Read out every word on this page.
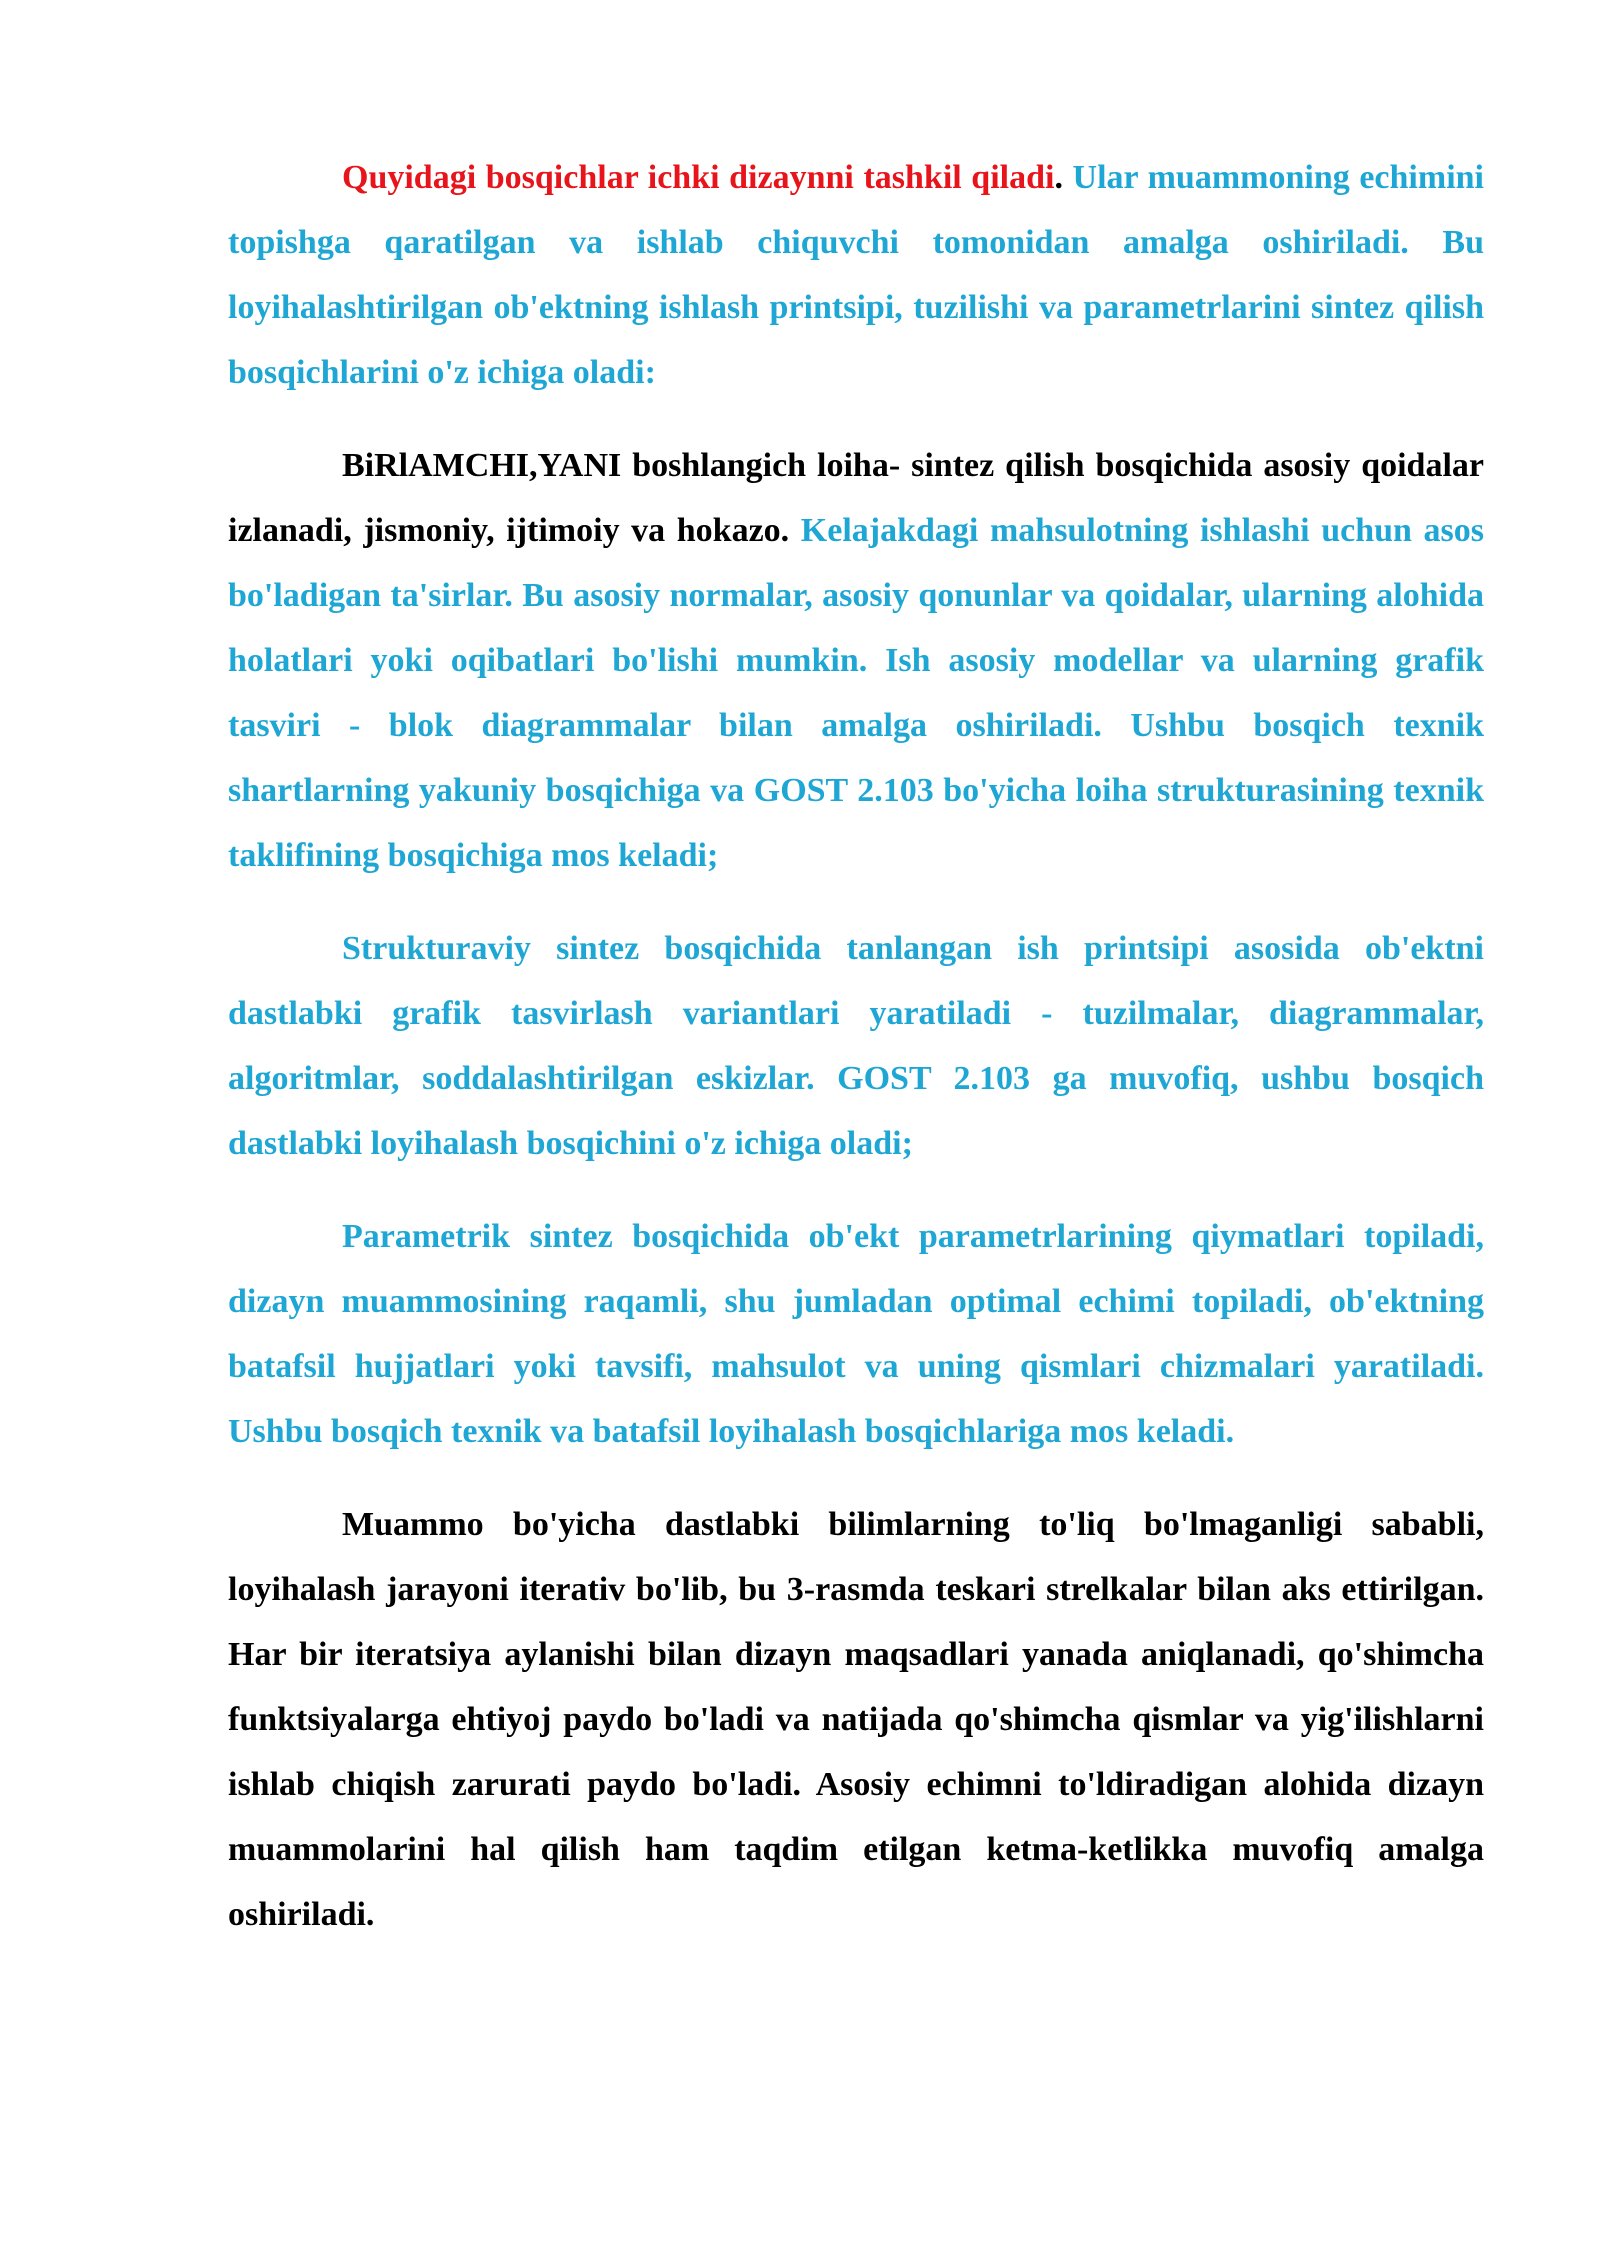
Quyidagi bosqichlar ichki dizaynni tashkil qiladi. Ular muammoning echimini topishga qaratilgan va ishlab chiquvchi tomonidan amalga oshiriladi. Bu loyihalashtirilgan ob'ektning ishlash printsipi, tuzilishi va parametrlarini sintez qilish bosqichlarini o'z ichiga oladi:

BiRlAMCHI,YANI boshlangich loiha- sintez qilish bosqichida asosiy qoidalar izlanadi, jismoniy, ijtimoiy va hokazo. Kelajakdagi mahsulotning ishlashi uchun asos bo'ladigan ta'sirlar. Bu asosiy normalar, asosiy qonunlar va qoidalar, ularning alohida holatlari yoki oqibatlari bo'lishi mumkin. Ish asosiy modellar va ularning grafik tasviri - blok diagrammalar bilan amalga oshiriladi. Ushbu bosqich texnik shartlarning yakuniy bosqichiga va GOST 2.103 bo'yicha loiha strukturasining texnik taklifining bosqichiga mos keladi;

Strukturaviy sintez bosqichida tanlangan ish printsipi asosida ob'ektni dastlabki grafik tasvirlash variantlari yaratiladi - tuzilmalar, diagrammalar, algoritmlar, soddalashtirilgan eskizlar. GOST 2.103 ga muvofiq, ushbu bosqich dastlabki loyihalash bosqichini o'z ichiga oladi;

Parametrik sintez bosqichida ob'ekt parametrlarining qiymatlari topiladi, dizayn muammosining raqamli, shu jumladan optimal echimi topiladi, ob'ektning batafsil hujjatlari yoki tavsifi, mahsulot va uning qismlari chizmalari yaratiladi. Ushbu bosqich texnik va batafsil loyihalash bosqichlariga mos keladi.

Muammo bo'yicha dastlabki bilimlarning to'liq bo'lmaganligi sababli, loyihalash jarayoni iterativ bo'lib, bu 3-rasmda teskari strelkalar bilan aks ettirilgan. Har bir iteratsiya aylanishi bilan dizayn maqsadlari yanada aniqlanadi, qo'shimcha funktsiyalarga ehtiyoj paydo bo'ladi va natijada qo'shimcha qismlar va yig'ilishlarni ishlab chiqish zarurati paydo bo'ladi. Asosiy echimni to'ldiradigan alohida dizayn muammolarini hal qilish ham taqdim etilgan ketma-ketlikka muvofiq amalga oshiriladi.
